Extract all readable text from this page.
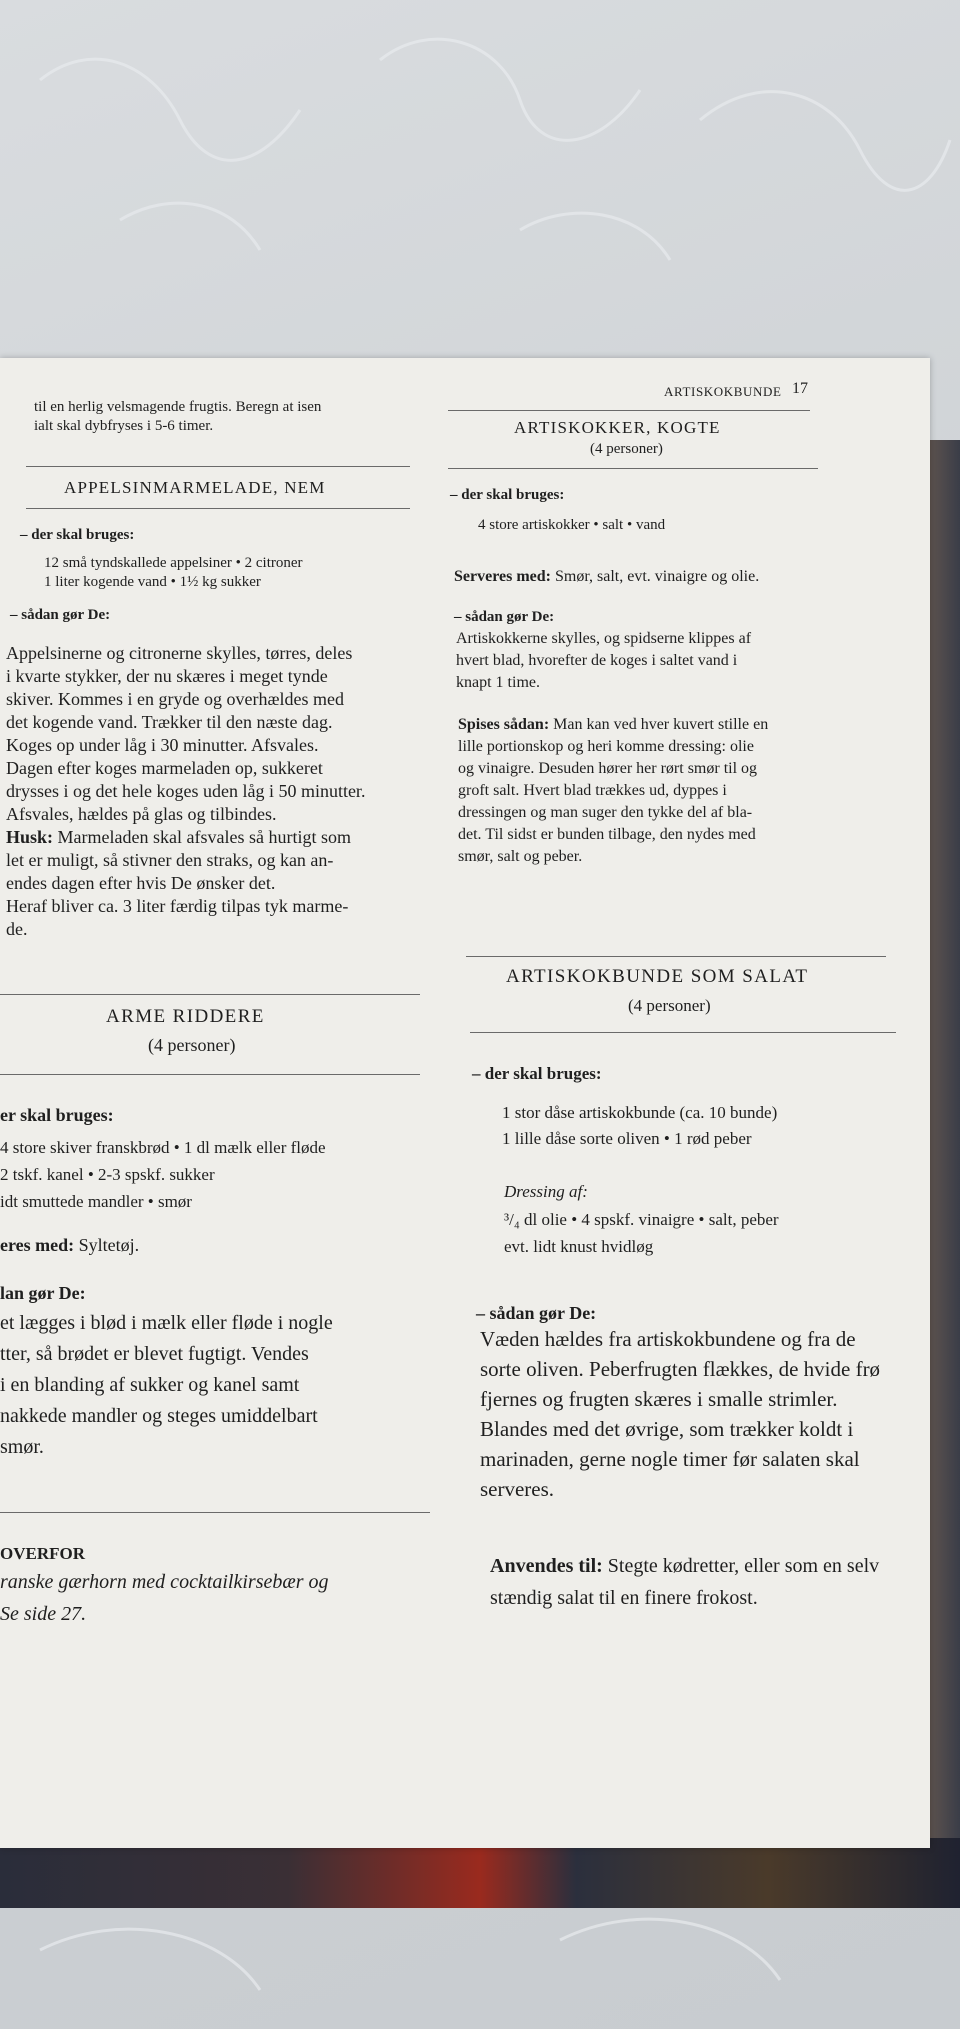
ARTISKOKBUNDE 17
til en herlig velsmagende frugtis. Beregn at isen
ialt skal dybfryses i 5-6 timer.
APPELSINMARMELADE, NEM
– der skal bruges:
12 små tyndskallede appelsiner • 2 citroner
1 liter kogende vand • 1½ kg sukker
– sådan gør De:
Appelsinerne og citronerne skylles, tørres, deles
i kvarte stykker, der nu skæres i meget tynde
skiver. Kommes i en gryde og overhældes med
det kogende vand. Trækker til den næste dag.
Koges op under låg i 30 minutter. Afsvales.
Dagen efter koges marmeladen op, sukkeret
drysses i og det hele koges uden låg i 50 minutter.
Afsvales, hældes på glas og tilbindes.
Husk: Marmeladen skal afsvales så hurtigt som
let er muligt, så stivner den straks, og kan an-
endes dagen efter hvis De ønsker det.
Heraf bliver ca. 3 liter færdig tilpas tyk marme-
de.
ARME RIDDERE
(4 personer)
er skal bruges:
4 store skiver franskbrød • 1 dl mælk eller fløde
2 tskf. kanel • 2-3 spskf. sukker
idt smuttede mandler • smør
eres med: Syltetøj.
lan gør De:
et lægges i blød i mælk eller fløde i nogle
tter, så brødet er blevet fugtigt. Vendes
i en blanding af sukker og kanel samt
nakkede mandler og steges umiddelbart
smør.
OVERFOR
ranske gærhorn med cocktailkirsebær og
Se side 27.
ARTISKOKKER, KOGTE
(4 personer)
– der skal bruges:
4 store artiskokker • salt • vand
Serveres med: Smør, salt, evt. vinaigre og olie.
– sådan gør De:
Artiskokkerne skylles, og spidserne klippes af
hvert blad, hvorefter de koges i saltet vand i
knapt 1 time.
Spises sådan: Man kan ved hver kuvert stille en
lille portionskop og heri komme dressing: olie
og vinaigre. Desuden hører her rørt smør til og
groft salt. Hvert blad trækkes ud, dyppes i
dressingen og man suger den tykke del af bla-
det. Til sidst er bunden tilbage, den nydes med
smør, salt og peber.
ARTISKOKBUNDE SOM SALAT
(4 personer)
– der skal bruges:
1 stor dåse artiskokbunde (ca. 10 bunde)
1 lille dåse sorte oliven • 1 rød peber
Dressing af:
³/₄ dl olie • 4 spskf. vinaigre • salt, peber
evt. lidt knust hvidløg
– sådan gør De:
Væden hældes fra artiskokbundene og fra de
sorte oliven. Peberfrugten flækkes, de hvide frø
fjernes og frugten skæres i smalle strimler.
Blandes med det øvrige, som trækker koldt i
marinaden, gerne nogle timer før salaten skal
serveres.
Anvendes til: Stegte kødretter, eller som en selv
stændig salat til en finere frokost.
